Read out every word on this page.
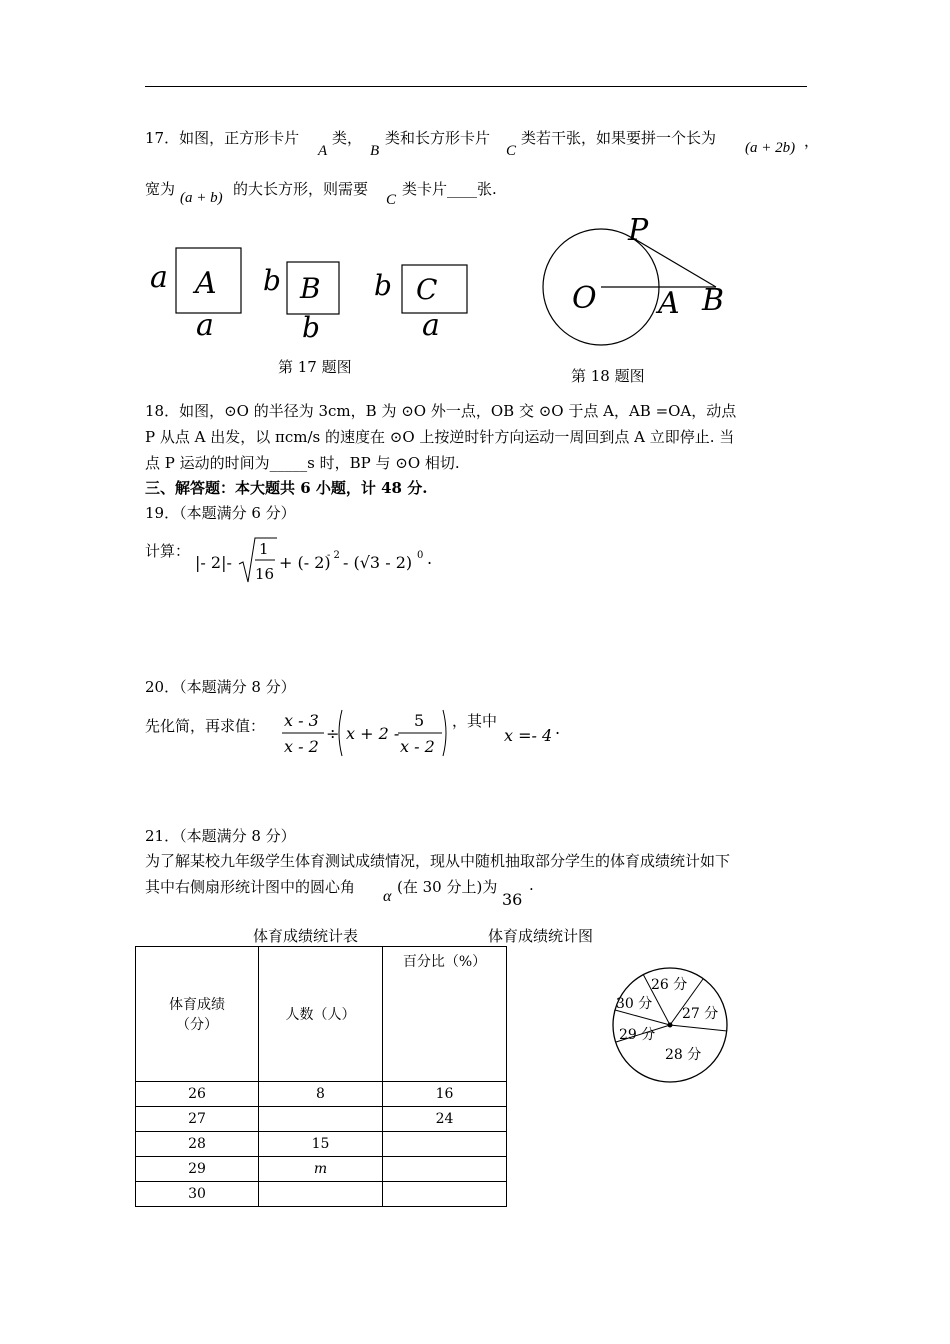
17．如图，正方形卡片
A
类，
B
类和长方形卡片
C
类若干张，如果要拼一个长为
(a + 2b) ，
宽为 (a + b) 的大长方形，则需要
C
类卡片____张.
a A
a
b B
b
b C
a
第 17 题图
O A B
P
第 18 题图
18．如图，⊙O 的半径为 3cm，B 为 ⊙O 外一点，OB 交 ⊙O 于点 A，AB =OA，动点
P 从点 A 出发，以 πcm/s 的速度在 ⊙O 上按逆时针方向运动一周回到点 A 立即停止. 当
点 P 运动的时间为_____s 时，BP 与 ⊙O 相切.
三、解答题：本大题共 6 小题，计 48 分.
19．（本题满分 6 分）
计算：
|- 2|-
1
16
+ (- 2)
- 2 - (√3 - 2) 0 .
20．（本题满分 8 分）
先化简，再求值： x - 3
x - 2
÷ x + 2 -
5
x - 2
，其中
x =- 4 .
21．（本题满分 8 分）
为了解某校九年级学生体育测试成绩情况，现从中随机抽取部分学生的体育成绩统计如下
其中右侧扇形统计图中的圆心角
α
(在 30 分上)为
36
.
体育成绩统计表	体育成绩统计图
体育成绩
（分）	人数（人）	百分比（%）
26	8	16
27		24
28	15	
29	m	
30		
26 分
27 分
28 分
29 分
30 分
